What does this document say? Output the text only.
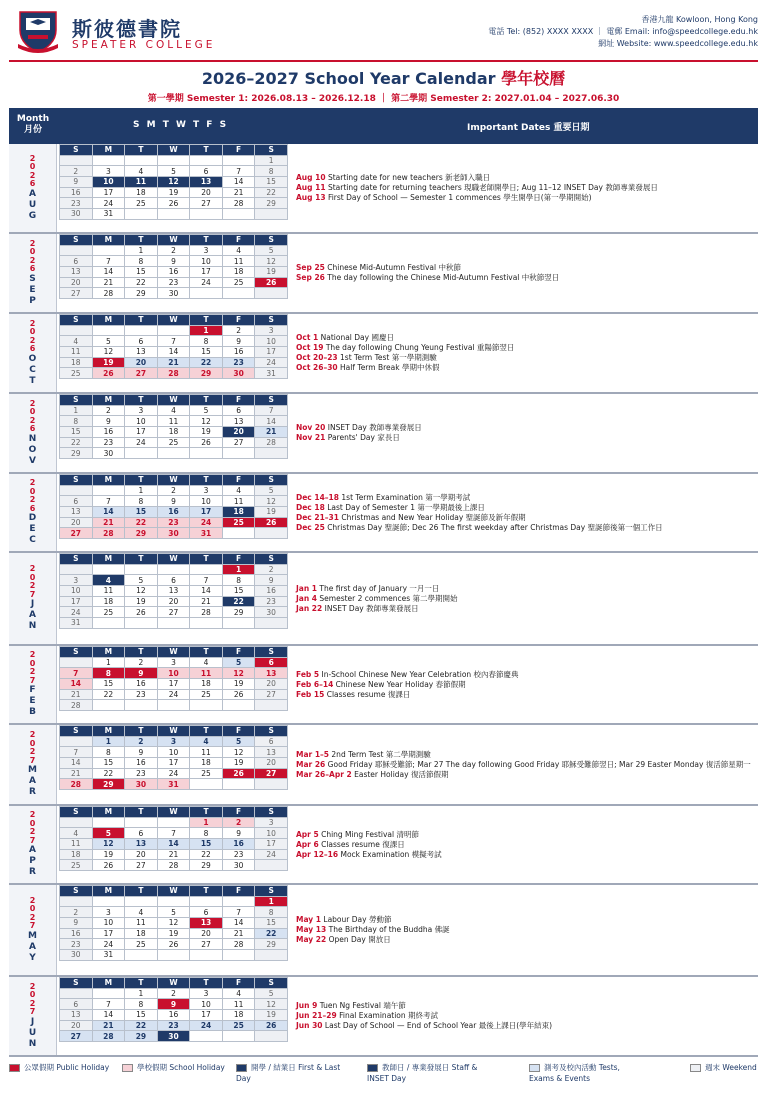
斯彼德書院
SPEATER COLLEGE
香港九龍 Kowloon, Hong Kong
電話 Tel: (852) XXXX XXXX ｜ 電郵 Email: info@speedcollege.edu.hk
網址 Website: www.speedcollege.edu.hk
2026–2027 School Year Calendar 學年校曆
第一學期 Semester 1: 2026.08.13 – 2026.12.18 ｜ 第二學期 Semester 2: 2027.01.04 – 2027.06.30
Month
月份	S M T W T F S	Important Dates 重要日期
2
0
2
6
A
U
G
S	M	T	W	T	F	S
						1
2	3	4	5	6	7	8
9	10	11	12	13	14	15
16	17	18	19	20	21	22
23	24	25	26	27	28	29
30	31					
Aug 10 Starting date for new teachers 新老師入職日
Aug 11 Starting date for returning teachers 現職老師開學日; Aug 11–12 INSET Day 教師專業發展日
Aug 13 First Day of School — Semester 1 commences 學生開學日(第一學期開始)
2
0
2
6
S
E
P
S	M	T	W	T	F	S
		1	2	3	4	5
6	7	8	9	10	11	12
13	14	15	16	17	18	19
20	21	22	23	24	25	26
27	28	29	30			
Sep 25 Chinese Mid-Autumn Festival 中秋節
Sep 26 The day following the Chinese Mid-Autumn Festival 中秋節翌日
2
0
2
6
O
C
T
S	M	T	W	T	F	S
				1	2	3
4	5	6	7	8	9	10
11	12	13	14	15	16	17
18	19	20	21	22	23	24
25	26	27	28	29	30	31
Oct 1 National Day 國慶日
Oct 19 The day following Chung Yeung Festival 重陽節翌日
Oct 20–23 1st Term Test 第一學期測驗
Oct 26–30 Half Term Break 學期中休假
2
0
2
6
N
O
V
S	M	T	W	T	F	S
1	2	3	4	5	6	7
8	9	10	11	12	13	14
15	16	17	18	19	20	21
22	23	24	25	26	27	28
29	30					
Nov 20 INSET Day 教師專業發展日
Nov 21 Parents' Day 家長日
2
0
2
6
D
E
C
S	M	T	W	T	F	S
		1	2	3	4	5
6	7	8	9	10	11	12
13	14	15	16	17	18	19
20	21	22	23	24	25	26
27	28	29	30	31		
Dec 14–18 1st Term Examination 第一學期考試
Dec 18 Last Day of Semester 1 第一學期最後上課日
Dec 21–31 Christmas and New Year Holiday 聖誕節及新年假期
Dec 25 Christmas Day 聖誕節; Dec 26 The first weekday after Christmas Day 聖誕節後第一個工作日
2
0
2
7
J
A
N
S	M	T	W	T	F	S
					1	2
3	4	5	6	7	8	9
10	11	12	13	14	15	16
17	18	19	20	21	22	23
24	25	26	27	28	29	30
31						
Jan 1 The first day of January 一月一日
Jan 4 Semester 2 commences 第二學期開始
Jan 22 INSET Day 教師專業發展日
2
0
2
7
F
E
B
S	M	T	W	T	F	S
	1	2	3	4	5	6
7	8	9	10	11	12	13
14	15	16	17	18	19	20
21	22	23	24	25	26	27
28						
Feb 5 In-School Chinese New Year Celebration 校內春節慶典
Feb 6–14 Chinese New Year Holiday 春節假期
Feb 15 Classes resume 復課日
2
0
2
7
M
A
R
S	M	T	W	T	F	S
	1	2	3	4	5	6
7	8	9	10	11	12	13
14	15	16	17	18	19	20
21	22	23	24	25	26	27
28	29	30	31			
Mar 1–5 2nd Term Test 第二學期測驗
Mar 26 Good Friday 耶穌受難節; Mar 27 The day following Good Friday 耶穌受難節翌日; Mar 29 Easter Monday 復活節星期一
Mar 26–Apr 2 Easter Holiday 復活節假期
2
0
2
7
A
P
R
S	M	T	W	T	F	S
				1	2	3
4	5	6	7	8	9	10
11	12	13	14	15	16	17
18	19	20	21	22	23	24
25	26	27	28	29	30	
Apr 5 Ching Ming Festival 清明節
Apr 6 Classes resume 復課日
Apr 12–16 Mock Examination 模擬考試
2
0
2
7
M
A
Y
S	M	T	W	T	F	S
						1
2	3	4	5	6	7	8
9	10	11	12	13	14	15
16	17	18	19	20	21	22
23	24	25	26	27	28	29
30	31					
May 1 Labour Day 勞動節
May 13 The Birthday of the Buddha 佛誕
May 22 Open Day 開放日
2
0
2
7
J
U
N
S	M	T	W	T	F	S
		1	2	3	4	5
6	7	8	9	10	11	12
13	14	15	16	17	18	19
20	21	22	23	24	25	26
27	28	29	30			
Jun 9 Tuen Ng Festival 端午節
Jun 21–29 Final Examination 期終考試
Jun 30 Last Day of School — End of School Year 最後上課日(學年結束)
公眾假期 Public Holiday	學校假期 School Holiday	開學 / 結業日 First & Last Day
教師日 / 專業發展日 Staff & INSET Day
測考及校內活動 Tests, Exams & Events
週末 Weekend
